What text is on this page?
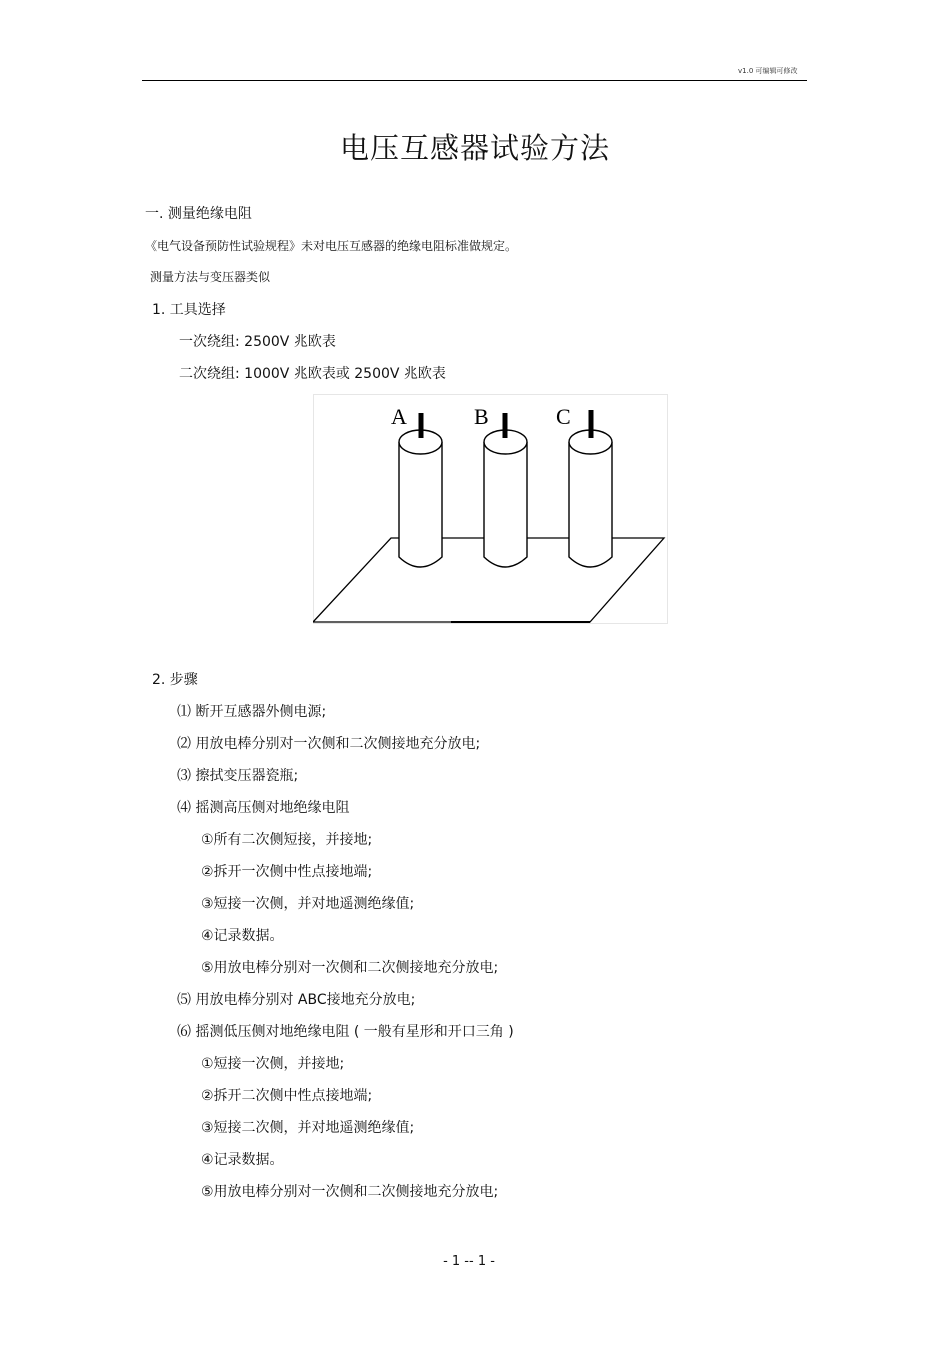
v1.0 可编辑可修改
电压互感器试验方法
一. 测量绝缘电阻
《电气设备预防性试验规程》未对电压互感器的绝缘电阻标准做规定。
测量方法与变压器类似
1. 工具选择
一次绕组: 2500V 兆欧表
二次绕组: 1000V 兆欧表或 2500V 兆欧表
A	B	C
2. 步骤
⑴ 断开互感器外侧电源;
⑵ 用放电棒分别对一次侧和二次侧接地充分放电;
⑶ 擦拭变压器瓷瓶;
⑷ 摇测高压侧对地绝缘电阻
①所有二次侧短接，并接地;
②拆开一次侧中性点接地端;
③短接一次侧，并对地遥测绝缘值;
④记录数据。
⑤用放电棒分别对一次侧和二次侧接地充分放电;
⑸ 用放电棒分别对 ABC接地充分放电;
⑹ 摇测低压侧对地绝缘电阻 ( 一般有星形和开口三角 )
①短接一次侧，并接地;
②拆开二次侧中性点接地端;
③短接二次侧，并对地遥测绝缘值;
④记录数据。
⑤用放电棒分别对一次侧和二次侧接地充分放电;
- 1 -- 1 -
